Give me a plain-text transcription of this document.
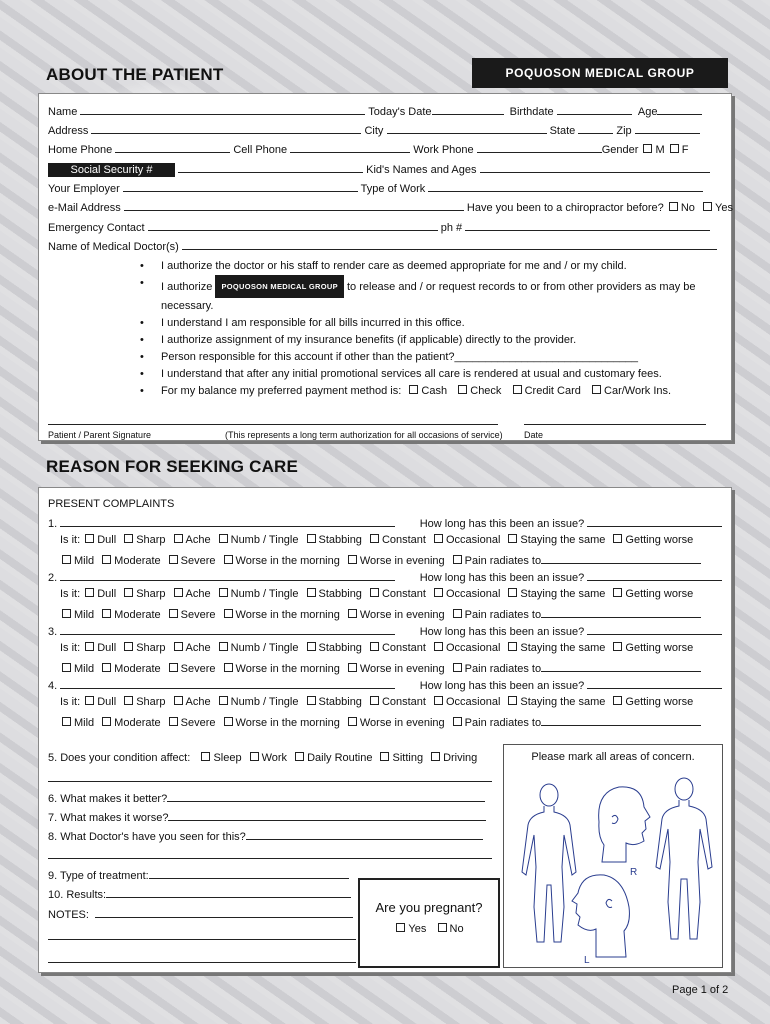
ABOUT THE PATIENT	POQUOSON MEDICAL GROUP
Name	Today's Date	Birthdate	Age
Address	City	State	Zip
Home Phone	Cell Phone	Work Phone	Gender M F
Social Security #	Kid's Names and Ages
Your Employer	Type of Work
e-Mail Address	Have you been to a chiropractor before? No Yes
Emergency Contact	ph #
Name of Medical Doctor(s)
• I authorize the doctor or his staff to render care as deemed appropriate for me and / or my child.
• I authorize POQUOSON MEDICAL GROUP to release and / or request records to or from other providers as may be
necessary.
• I understand I am responsible for all bills incurred in this office.
• I authorize assignment of my insurance benefits (if applicable) directly to the provider.
• Person responsible for this account if other than the patient?______________________________
• I understand that after any initial promotional services all care is rendered at usual and customary fees.
• For my balance my preferred payment method is: Cash Check Credit Card Car/Work Ins.
Patient / Parent Signature	(This represents a long term authorization for all occasions of service) Date
REASON FOR SEEKING CARE
PRESENT COMPLAINTS
1.	How long has this been an issue?
Is it: Dull Sharp Ache Numb / Tingle Stabbing Constant Occasional Staying the same Getting worse
Mild Moderate Severe Worse in the morning Worse in evening Pain radiates to
2.	How long has this been an issue?
Is it: Dull Sharp Ache Numb / Tingle Stabbing Constant Occasional Staying the same Getting worse
Mild Moderate Severe Worse in the morning Worse in evening Pain radiates to
3.	How long has this been an issue?
Is it: Dull Sharp Ache Numb / Tingle Stabbing Constant Occasional Staying the same Getting worse
Mild Moderate Severe Worse in the morning Worse in evening Pain radiates to
4.	How long has this been an issue?
Is it: Dull Sharp Ache Numb / Tingle Stabbing Constant Occasional Staying the same Getting worse
Mild Moderate Severe Worse in the morning Worse in evening Pain radiates to
5. Does your condition affect: Sleep Work Daily Routine Sitting Driving
6. What makes it better?
7. What makes it worse?
8. What Doctor's have you seen for this?
9. Type of treatment:
10. Results:
NOTES:	Are you pregnant?
Yes No
Please mark all areas of concern.
R
L
Page 1 of 2
